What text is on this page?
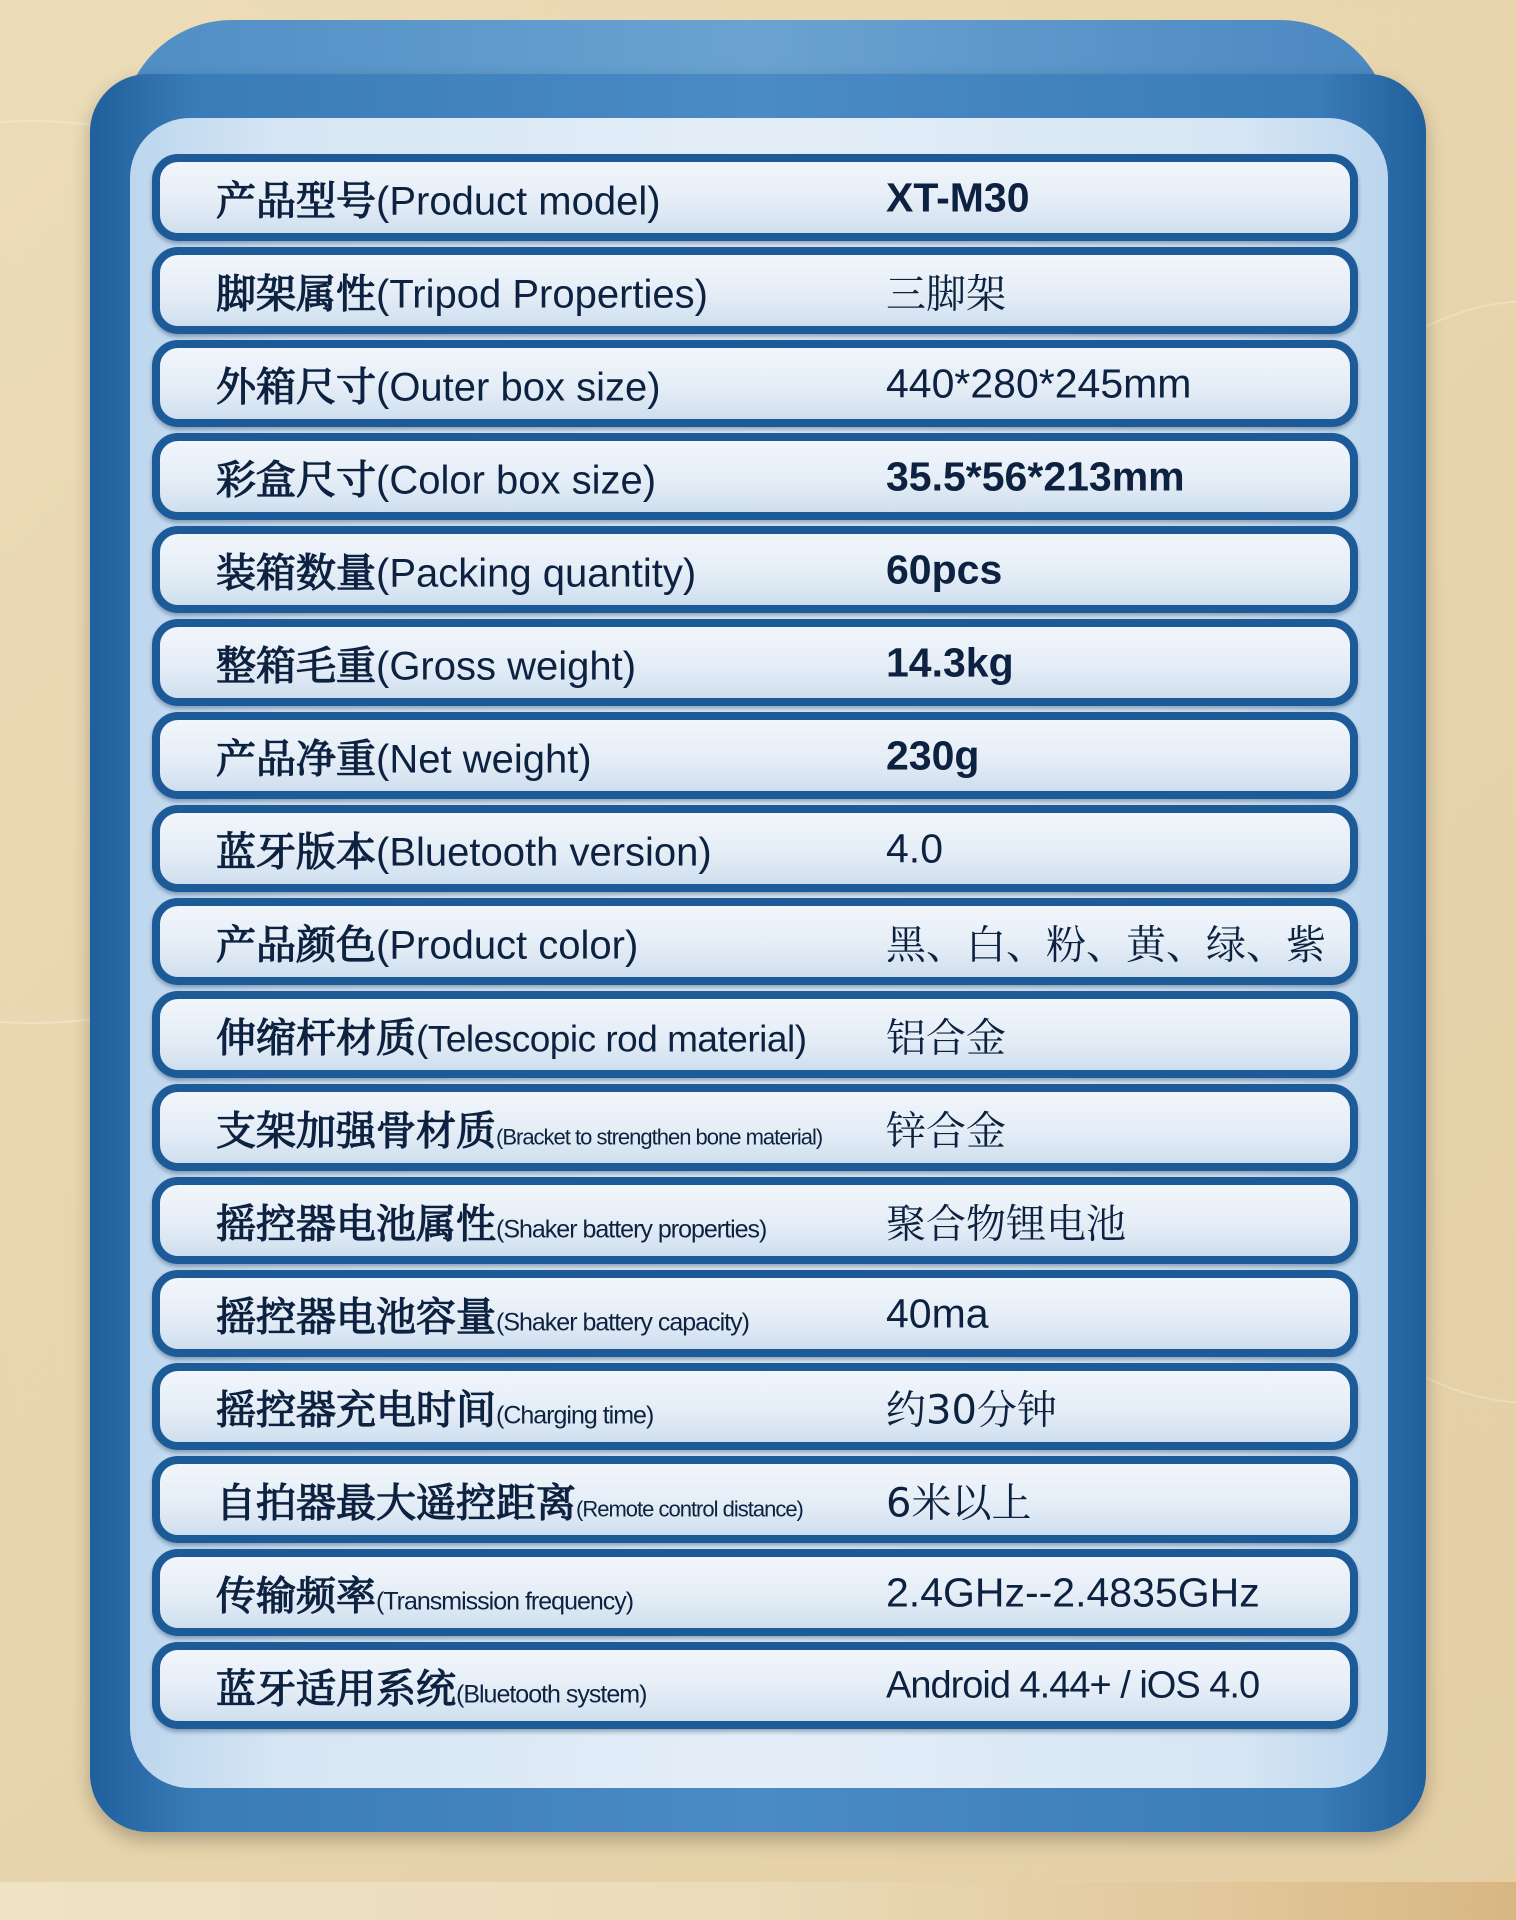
产品型号(Product model)	XT-M30
脚架属性(Tripod Properties)	三脚架
外箱尺寸(Outer box size)	440*280*245mm
彩盒尺寸(Color box size)	35.5*56*213mm
装箱数量(Packing quantity)	60pcs
整箱毛重(Gross weight)	14.3kg
产品净重(Net weight)	230g
蓝牙版本(Bluetooth version)	4.0
产品颜色(Product color)	黑、白、粉、黄、绿、紫
伸缩杆材质(Telescopic rod material) 铝合金
支架加强骨材质(Bracket to strengthen bone material) 锌合金
摇控器电池属性(Shaker battery properties)	聚合物锂电池
摇控器电池容量(Shaker battery capacity)	40ma
摇控器充电时间(Charging time)	约30分钟
自拍器最大遥控距离(Remote control distance) 6米以上
传输频率(Transmission frequency)	2.4GHz--2.4835GHz
蓝牙适用系统(Bluetooth system)	Android 4.44+ / iOS 4.0
